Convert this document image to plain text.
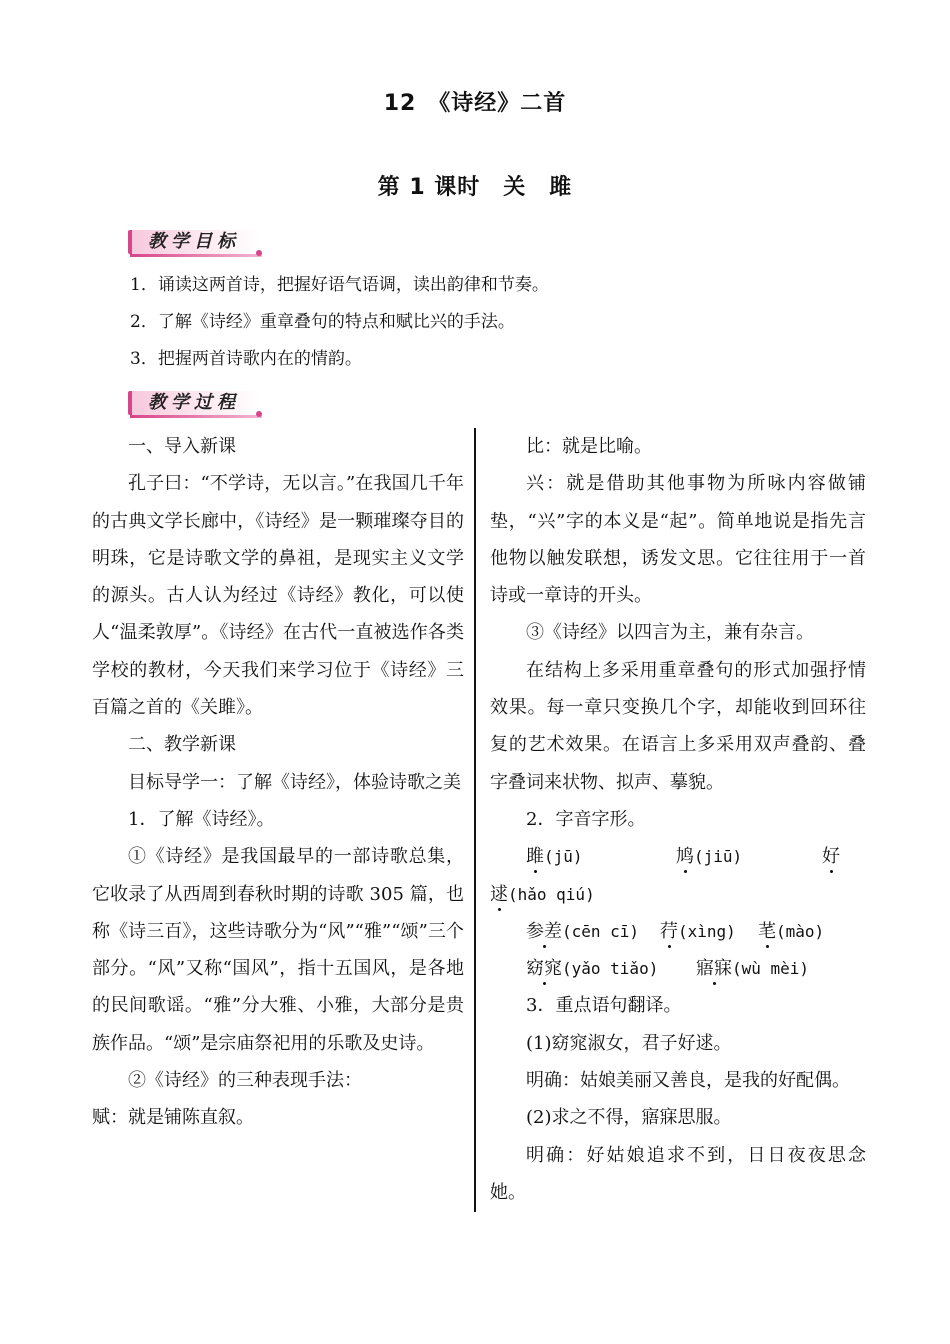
12　《诗经》二首
第 1 课时　关　雎
教学目标
1．诵读这两首诗，把握好语气语调，读出韵律和节奏。
2．了解《诗经》重章叠句的特点和赋比兴的手法。
3．把握两首诗歌内在的情韵。
教学过程

一、导入新课

孔子曰：“不学诗，无以言。”在我国几千年的古典文学长廊中，《诗经》是一颗璀璨夺目的明珠，它是诗歌文学的鼻祖，是现实主义文学的源头。古人认为经过《诗经》教化，可以使人“温柔敦厚”。《诗经》在古代一直被选作各类学校的教材，今天我们来学习位于《诗经》三百篇之首的《关雎》。

二、教学新课

目标导学一：了解《诗经》，体验诗歌之美

1．了解《诗经》。

①《诗经》是我国最早的一部诗歌总集，它收录了从西周到春秋时期的诗歌 305 篇，也称《诗三百》，这些诗歌分为“风”“雅”“颂”三个部分。“风”又称“国风”，指十五国风，是各地的民间歌谣。“雅”分大雅、小雅，大部分是贵族作品。“颂”是宗庙祭祀用的乐歌及史诗。

②《诗经》的三种表现手法：

赋：就是铺陈直叙。

比：就是比喻。

兴：就是借助其他事物为所咏内容做铺垫，“兴”字的本义是“起”。简单地说是指先言他物以触发联想，诱发文思。它往往用于一首诗或一章诗的开头。

③《诗经》以四言为主，兼有杂言。

在结构上多采用重章叠句的形式加强抒情效果。每一章只变换几个字，却能收到回环往复的艺术效果。在语言上多采用双声叠韵、叠字叠词来状物、拟声、摹貌。

2．字音字形。

雎(jū)	鸠(jiū)	好
逑(hǎo qiú)
参差(cēn cī)	荇(xìng)	芼(mào)
窈窕(yǎo tiǎo)	寤寐(wù mèi)

3．重点语句翻译。

(1)窈窕淑女，君子好逑。

明确：姑娘美丽又善良，是我的好配偶。

(2)求之不得，寤寐思服。

明确：好姑娘追求不到，日日夜夜思念她。
